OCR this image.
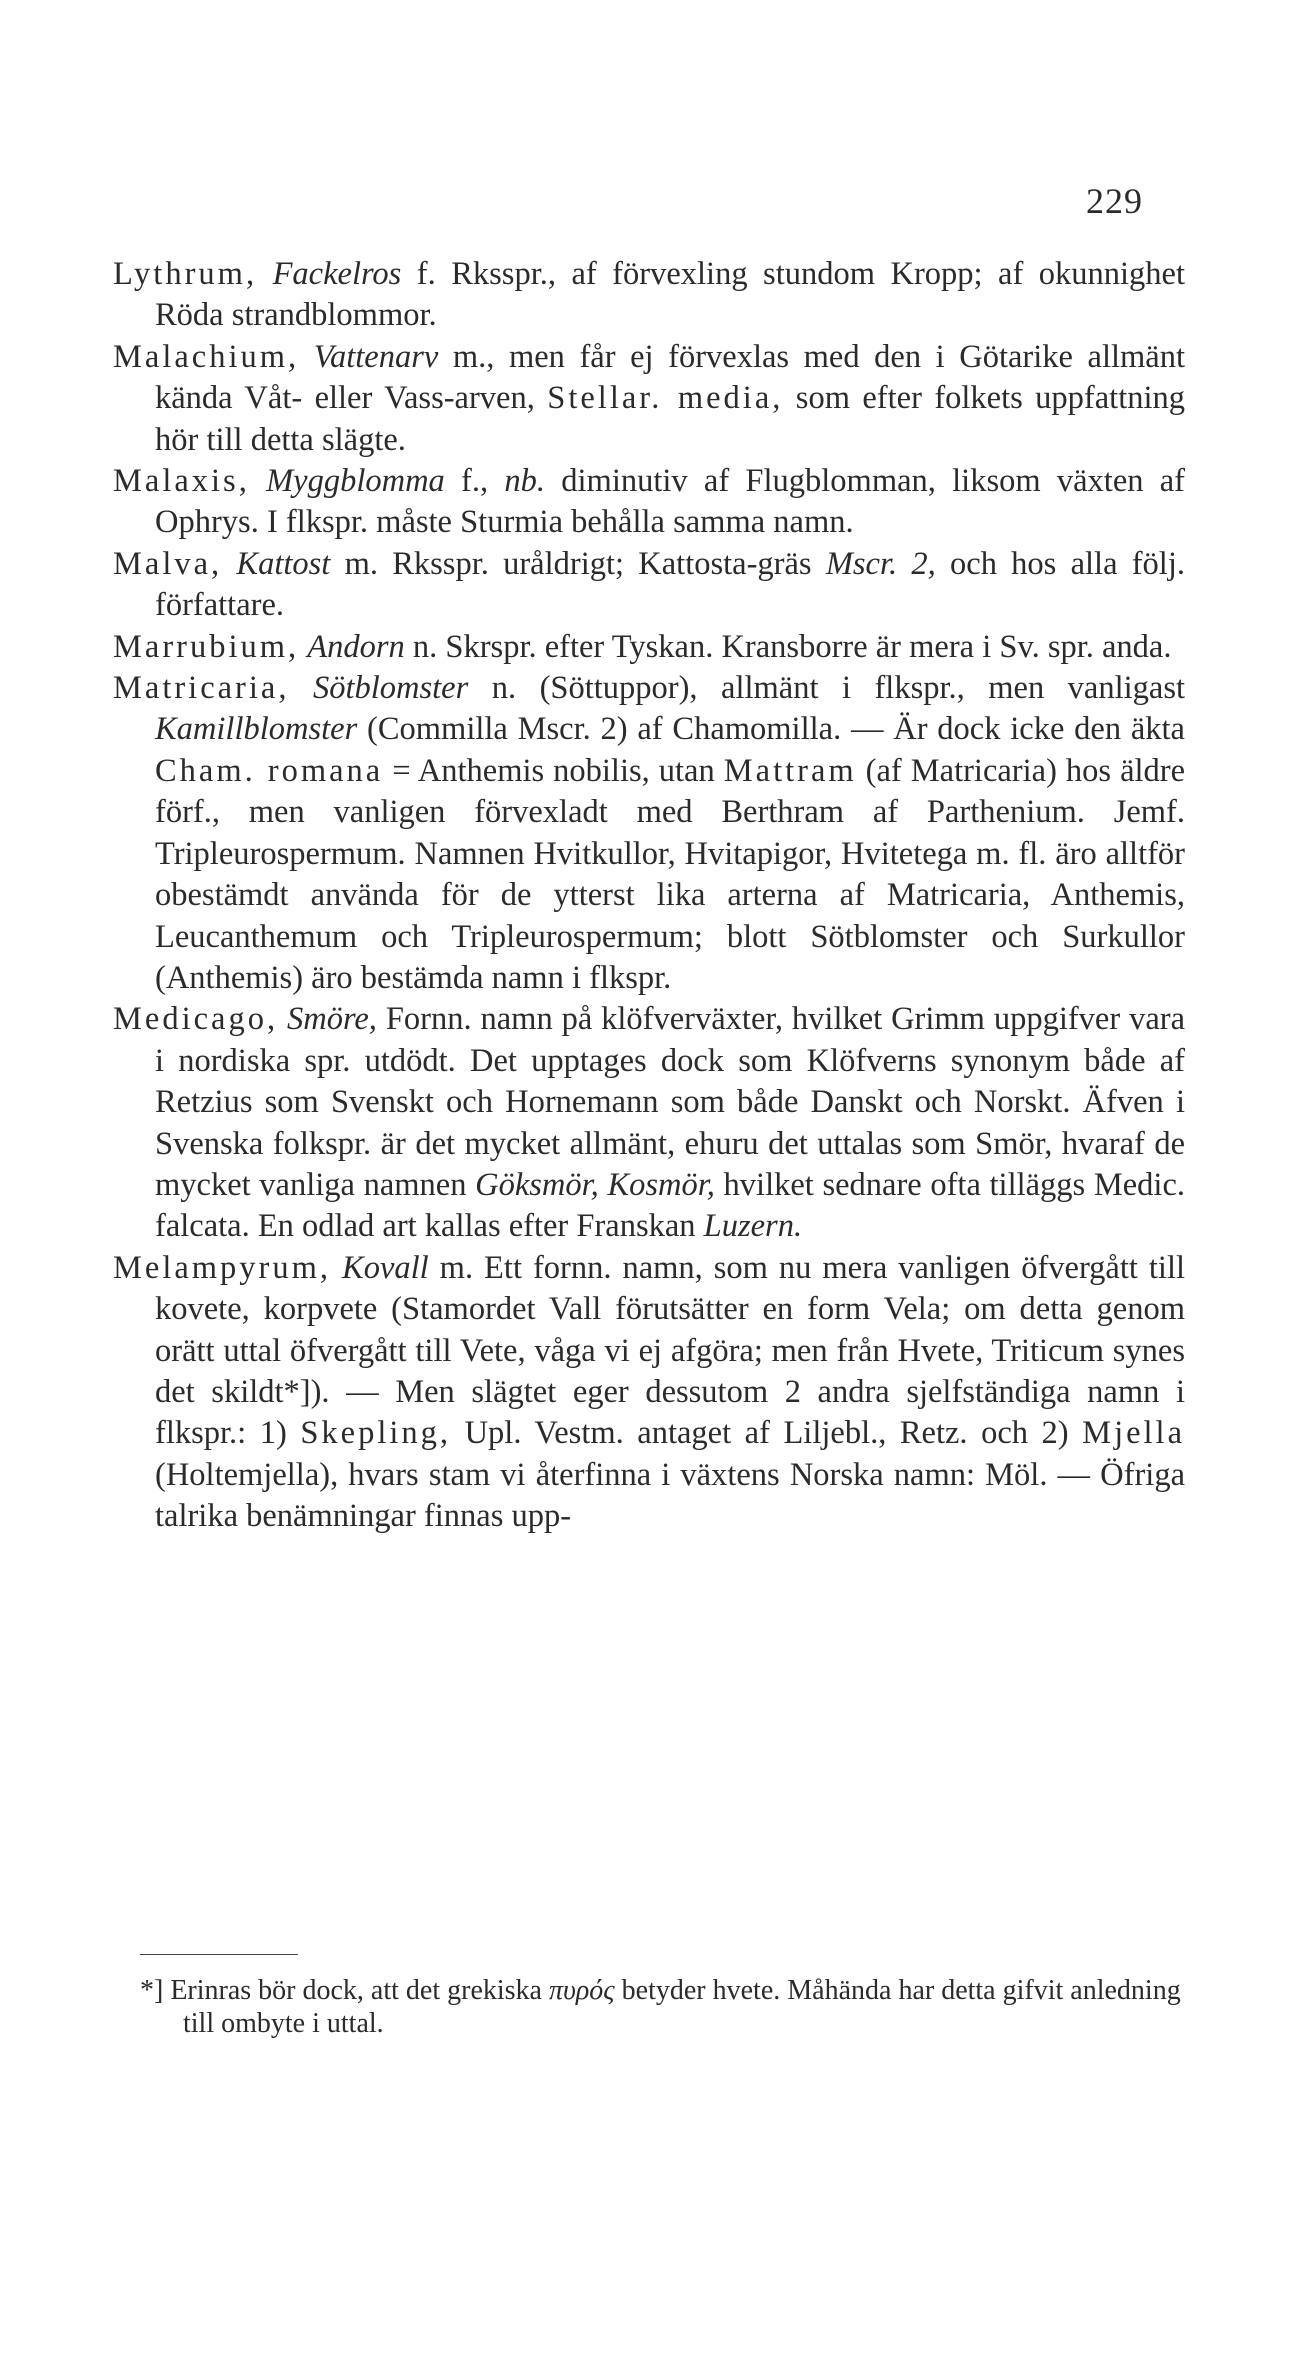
229

Lythrum, Fackelros f. Rksspr., af förvexling stundom Kropp; af okunnighet Röda strandblommor.

Malachium, Vattenarv m., men får ej förvexlas med den i Götarike allmänt kända Våt- eller Vass-arven, Stellar. media, som efter folkets uppfattning hör till detta slägte.

Malaxis, Myggblomma f., nb. diminutiv af Flugblomman, liksom växten af Ophrys. I flkspr. måste Sturmia behålla samma namn.

Malva, Kattost m. Rksspr. uråldrigt; Kattosta-gräs Mscr. 2, och hos alla följ. författare.

Marrubium, Andorn n. Skrspr. efter Tyskan. Kransborre är mera i Sv. spr. anda.

Matricaria, Sötblomster n. (Söttuppor), allmänt i flkspr., men vanligast Kamillblomster (Commilla Mscr. 2) af Chamomilla. — Är dock icke den äkta Cham. romana = Anthemis nobilis, utan Mattram (af Matricaria) hos äldre förf., men vanligen förvexladt med Berthram af Parthenium. Jemf. Tripleurospermum. Namnen Hvitkullor, Hvitapigor, Hvitetega m. fl. äro alltför obestämdt använda för de ytterst lika arterna af Matricaria, Anthemis, Leucanthemum och Tripleurospermum; blott Sötblomster och Surkullor (Anthemis) äro bestämda namn i flkspr.

Medicago, Smöre, Fornn. namn på klöfverväxter, hvilket Grimm uppgifver vara i nordiska spr. utdödt. Det upptages dock som Klöfverns synonym både af Retzius som Svenskt och Hornemann som både Danskt och Norskt. Äfven i Svenska folkspr. är det mycket allmänt, ehuru det uttalas som Smör, hvaraf de mycket vanliga namnen Göksmör, Kosmör, hvilket sednare ofta tilläggs Medic. falcata. En odlad art kallas efter Franskan Luzern.

Melampyrum, Kovall m. Ett fornn. namn, som nu mera vanligen öfvergått till kovete, korpvete (Stamordet Vall förutsätter en form Vela; om detta genom orätt uttal öfvergått till Vete, våga vi ej afgöra; men från Hvete, Triticum synes det skildt*]). — Men slägtet eger dessutom 2 andra sjelfständiga namn i flkspr.: 1) Skepling, Upl. Vestm. antaget af Liljebl., Retz. och 2) Mjella (Holtemjella), hvars stam vi återfinna i växtens Norska namn: Möl. — Öfriga talrika benämningar finnas upp-

*] Erinras bör dock, att det grekiska πυρός betyder hvete. Måhända har detta gifvit anledning till ombyte i uttal.
